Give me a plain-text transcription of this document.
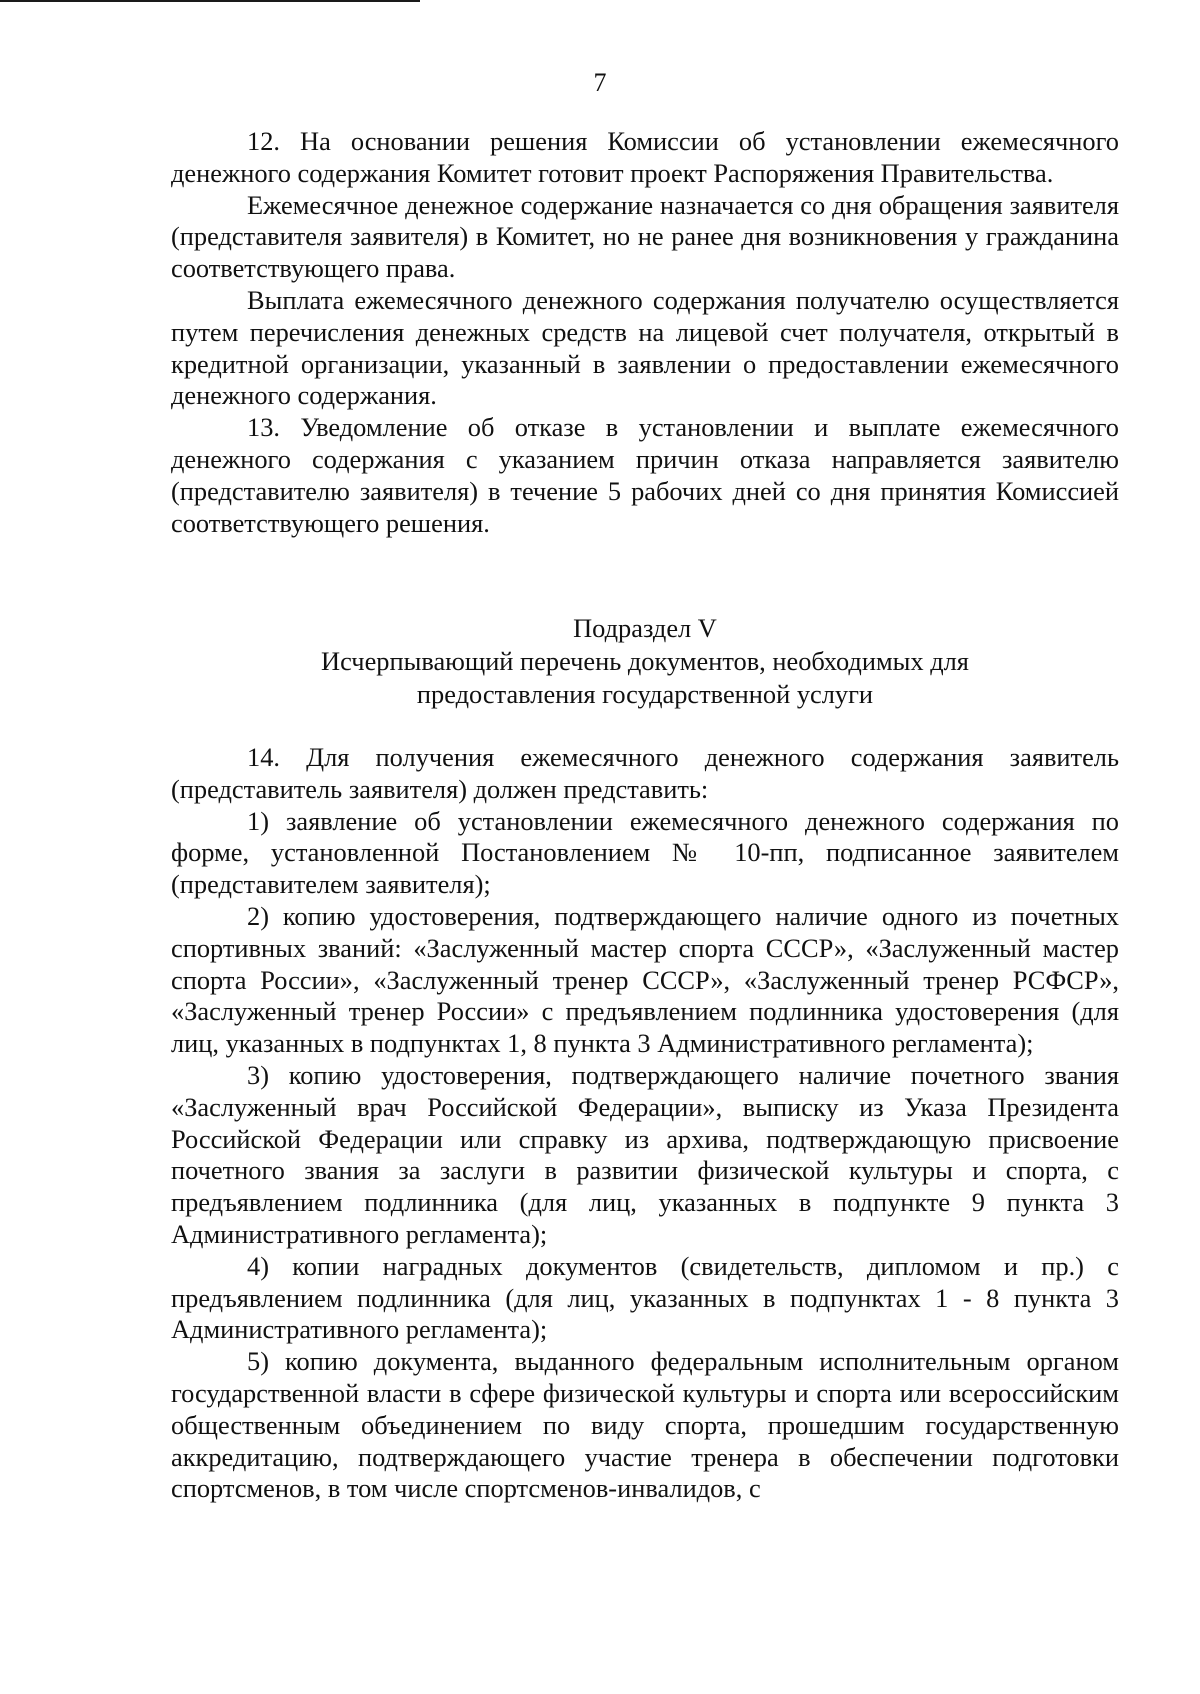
7

12. На основании решения Комиссии об установлении ежемесячного денежного содержания Комитет готовит проект Распоряжения Правительства.

Ежемесячное денежное содержание назначается со дня обращения заявителя (представителя заявителя) в Комитет, но не ранее дня возникновения у гражданина соответствующего права.

Выплата ежемесячного денежного содержания получателю осуществляется путем перечисления денежных средств на лицевой счет получателя, открытый в кредитной организации, указанный в заявлении о предоставлении ежемесячного денежного содержания.

13. Уведомление об отказе в установлении и выплате ежемесячного денежного содержания с указанием причин отказа направляется заявителю (представителю заявителя) в течение 5 рабочих дней со дня принятия Комиссией соответствующего решения.

Подраздел V
Исчерпывающий перечень документов, необходимых для
предоставления государственной услуги

14. Для получения ежемесячного денежного содержания заявитель (представитель заявителя) должен представить:

1) заявление об установлении ежемесячного денежного содержания по форме, установленной Постановлением № 10-пп, подписанное заявителем (представителем заявителя);

2) копию удостоверения, подтверждающего наличие одного из почетных спортивных званий: «Заслуженный мастер спорта СССР», «Заслуженный мастер спорта России», «Заслуженный тренер СССР», «Заслуженный тренер РСФСР», «Заслуженный тренер России» с предъявлением подлинника удостоверения (для лиц, указанных в подпунктах 1, 8 пункта 3 Административного регламента);

3) копию удостоверения, подтверждающего наличие почетного звания «Заслуженный врач Российской Федерации», выписку из Указа Президента Российской Федерации или справку из архива, подтверждающую присвоение почетного звания за заслуги в развитии физической культуры и спорта, с предъявлением подлинника (для лиц, указанных в подпункте 9 пункта 3 Административного регламента);

4) копии наградных документов (свидетельств, дипломом и пр.) с предъявлением подлинника (для лиц, указанных в подпунктах 1 - 8 пункта 3 Административного регламента);

5) копию документа, выданного федеральным исполнительным органом государственной власти в сфере физической культуры и спорта или всероссийским общественным объединением по виду спорта, прошедшим государственную аккредитацию, подтверждающего участие тренера в обеспечении подготовки спортсменов, в том числе спортсменов-инвалидов, с
